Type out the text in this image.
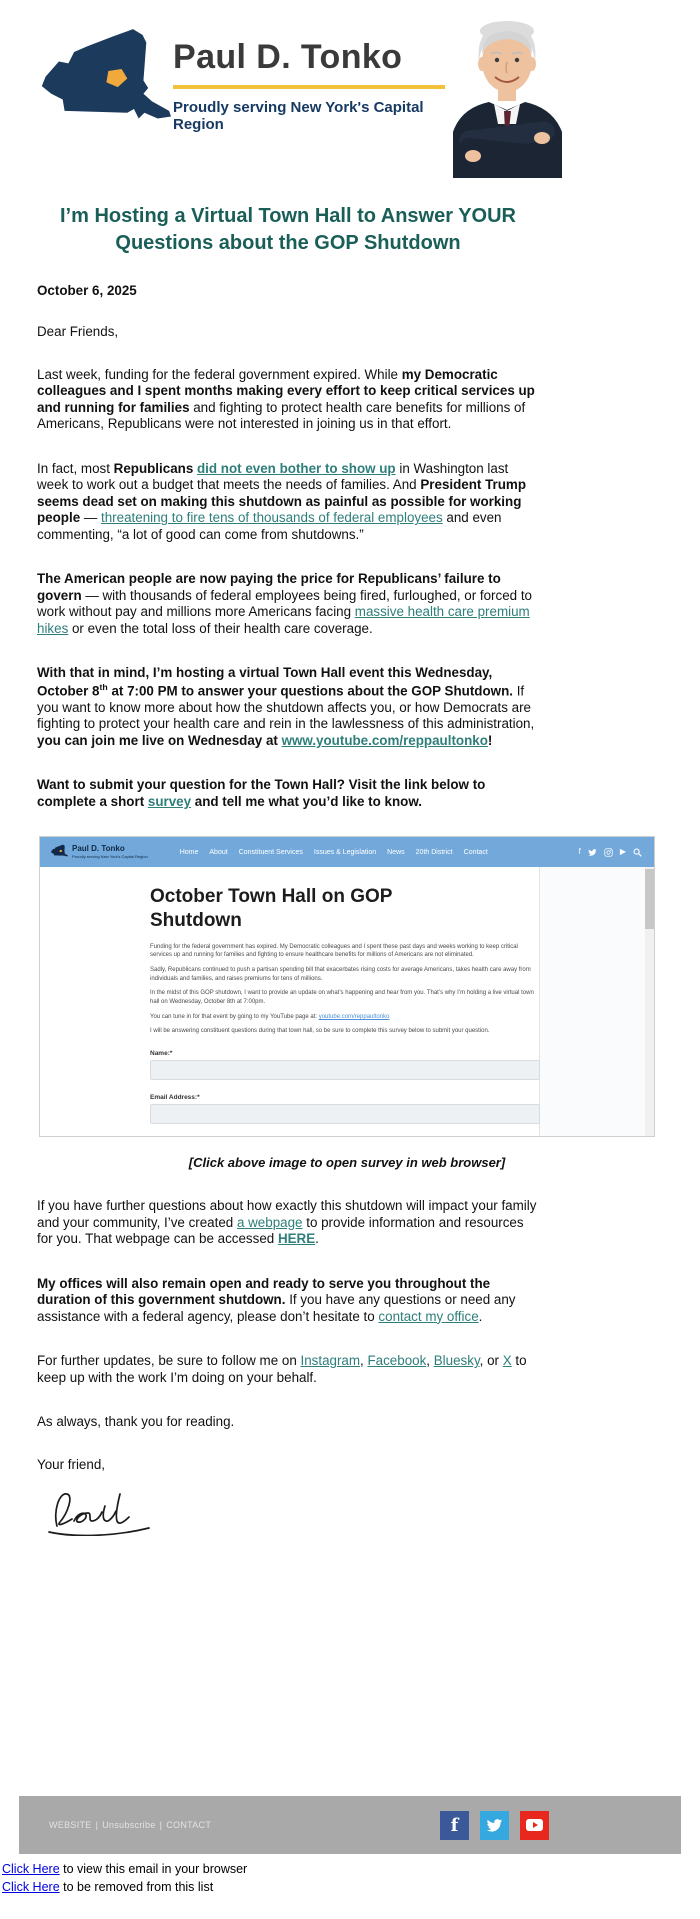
Paul D. Tonko
Proudly serving New York's Capital Region
I’m Hosting a Virtual Town Hall to Answer YOUR Questions about the GOP Shutdown

October 6, 2025

Dear Friends,

Last week, funding for the federal government expired. While my Democratic colleagues and I spent months making every effort to keep critical services up and running for families and fighting to protect health care benefits for millions of Americans, Republicans were not interested in joining us in that effort.

In fact, most Republicans did not even bother to show up in Washington last week to work out a budget that meets the needs of families. And President Trump seems dead set on making this shutdown as painful as possible for working people — threatening to fire tens of thousands of federal employees and even commenting, “a lot of good can come from shutdowns.”

The American people are now paying the price for Republicans’ failure to govern — with thousands of federal employees being fired, furloughed, or forced to work without pay and millions more Americans facing massive health care premium hikes or even the total loss of their health care coverage.

With that in mind, I’m hosting a virtual Town Hall event this Wednesday, October 8th at 7:00 PM to answer your questions about the GOP Shutdown. If you want to know more about how the shutdown affects you, or how Democrats are fighting to protect your health care and rein in the lawlessness of this administration, you can join me live on Wednesday at www.youtube.com/reppaultonko!

Want to submit your question for the Town Hall? Visit the link below to complete a short survey and tell me what you’d like to know.

Paul D. Tonko
Proudly serving New York's Capital Region
Home About Constituent Services Issues & Legislation News 20th District Contact	f	▶
October Town Hall on GOP Shutdown

Funding for the federal government has expired. My Democratic colleagues and I spent these past days and weeks working to keep critical services up and running for families and fighting to ensure healthcare benefits for millions of Americans are not eliminated.

Sadly, Republicans continued to push a partisan spending bill that exacerbates rising costs for average Americans, takes health care away from individuals and families, and raises premiums for tens of millions.

In the midst of this GOP shutdown, I want to provide an update on what’s happening and hear from you. That’s why I’m holding a live virtual town hall on Wednesday, October 8th at 7:00pm.

You can tune in for that event by going to my YouTube page at: youtube.com/reppaultonko

I will be answering constituent questions during that town hall, so be sure to complete this survey below to submit your question.

Name:*
Email Address:*

[Click above image to open survey in web browser]

If you have further questions about how exactly this shutdown will impact your family and your community, I’ve created a webpage to provide information and resources for you. That webpage can be accessed HERE.

My offices will also remain open and ready to serve you throughout the duration of this government shutdown. If you have any questions or need any assistance with a federal agency, please don’t hesitate to contact my office.

For further updates, be sure to follow me on Instagram, Facebook, Bluesky, or X to keep up with the work I’m doing on your behalf.

As always, thank you for reading.

Your friend,

WEBSITE | Unsubscribe | CONTACT	f

Click Here to view this email in your browser

Click Here to be removed from this list
